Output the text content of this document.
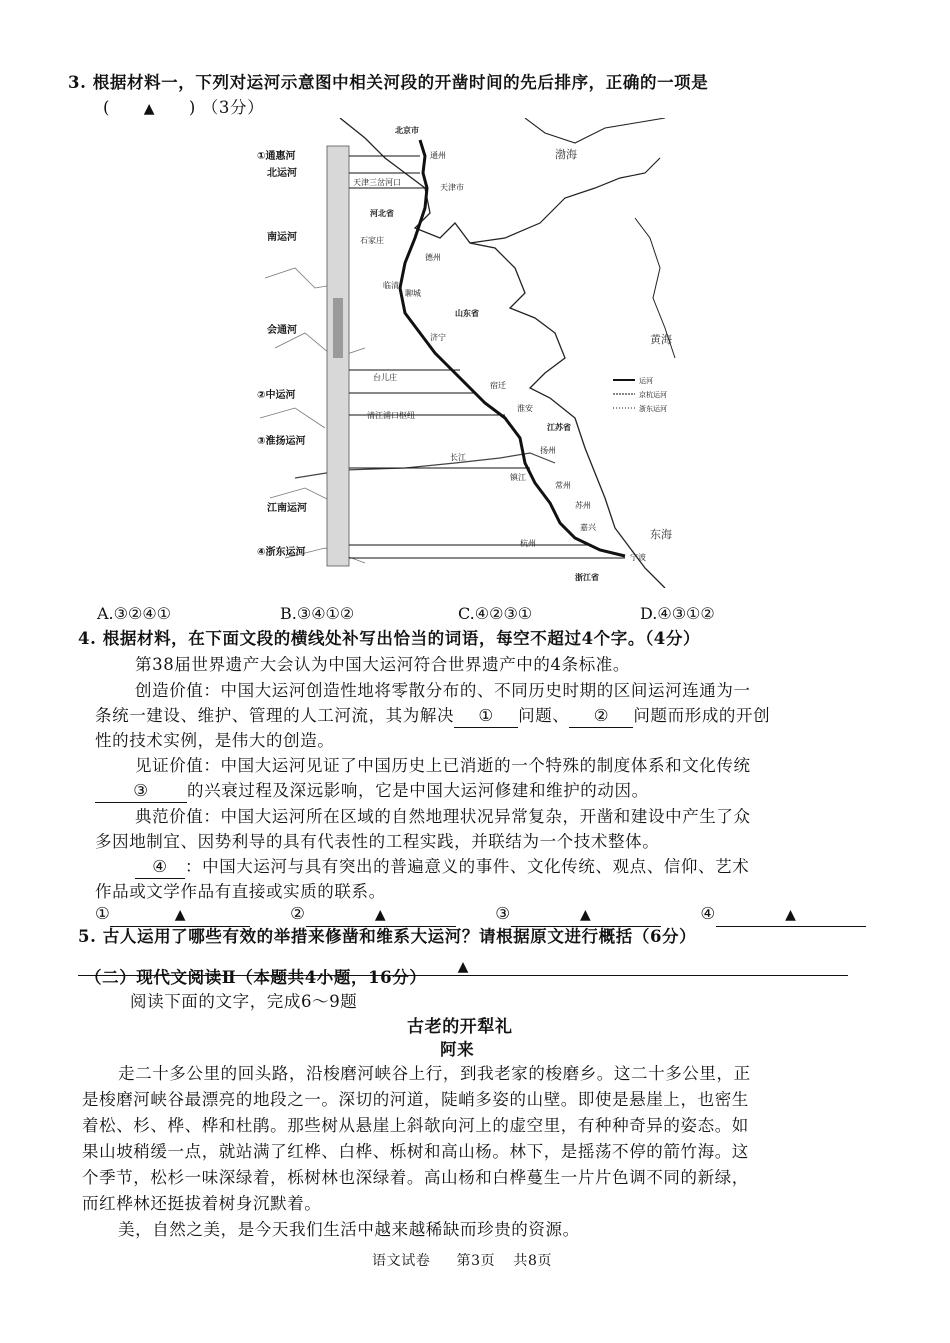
3. 根据材料一，下列对运河示意图中相关河段的开凿时间的先后排序，正确的一项是
( ▲ ) （3分）
①通惠河
北运河
南运河
会通河
②中运河
③淮扬运河
江南运河
④浙东运河
北京市
通州
天津市
天津三岔河口
河北省
石家庄
德州
临清
聊城
山东省
济宁
台儿庄
淮安
宿迁
清江浦口枢纽
扬州
江苏省
镇江
长江
常州
苏州
嘉兴
杭州
宁波
浙江省
渤海
黄海
东海
运河
京杭运河
浙东运河
A.③②④①	B.③④①②	C.④②③①	D.④③①②
4. 根据材料，在下面文段的横线处补写出恰当的词语，每空不超过4个字。（4分）
第38届世界遗产大会认为中国大运河符合世界遗产中的4条标准。
创造价值：中国大运河创造性地将零散分布的、不同历史时期的区间运河连通为一
条统一建设、维护、管理的人工河流，其为解决 ① 问题、 ② 问题而形成的开创
性的技术实例，是伟大的创造。
见证价值：中国大运河见证了中国历史上已消逝的一个特殊的制度体系和文化传统
③ 的兴衰过程及深远影响，它是中国大运河修建和维护的动因。
典范价值：中国大运河所在区域的自然地理状况异常复杂，开凿和建设中产生了众
多因地制宜、因势利导的具有代表性的工程实践，并联结为一个技术整体。
④ ：中国大运河与具有突出的普遍意义的事件、文化传统、观点、信仰、艺术
作品或文学作品有直接或实质的联系。
①	▲	②	▲	③	▲	④	▲
5. 古人运用了哪些有效的举措来修凿和维系大运河？请根据原文进行概括（6分）
▲
（二）现代文阅读Ⅱ（本题共4小题，16分）
阅读下面的文字，完成6～9题
古老的开犁礼
阿来
走二十多公里的回头路，沿梭磨河峡谷上行，到我老家的梭磨乡。这二十多公里，正
是梭磨河峡谷最漂亮的地段之一。深切的河道，陡峭多姿的山壁。即使是悬崖上，也密生
着松、杉、桦、桦和杜鹃。那些树从悬崖上斜欹向河上的虚空里，有种种奇异的姿态。如
果山坡稍缓一点，就站满了红桦、白桦、栎树和高山杨。林下，是摇荡不停的箭竹海。这
个季节，松杉一味深绿着，栎树林也深绿着。高山杨和白桦蔓生一片片色调不同的新绿，
而红桦林还挺拔着树身沉默着。
美，自然之美，是今天我们生活中越来越稀缺而珍贵的资源。
语文试卷 第3页 共8页
